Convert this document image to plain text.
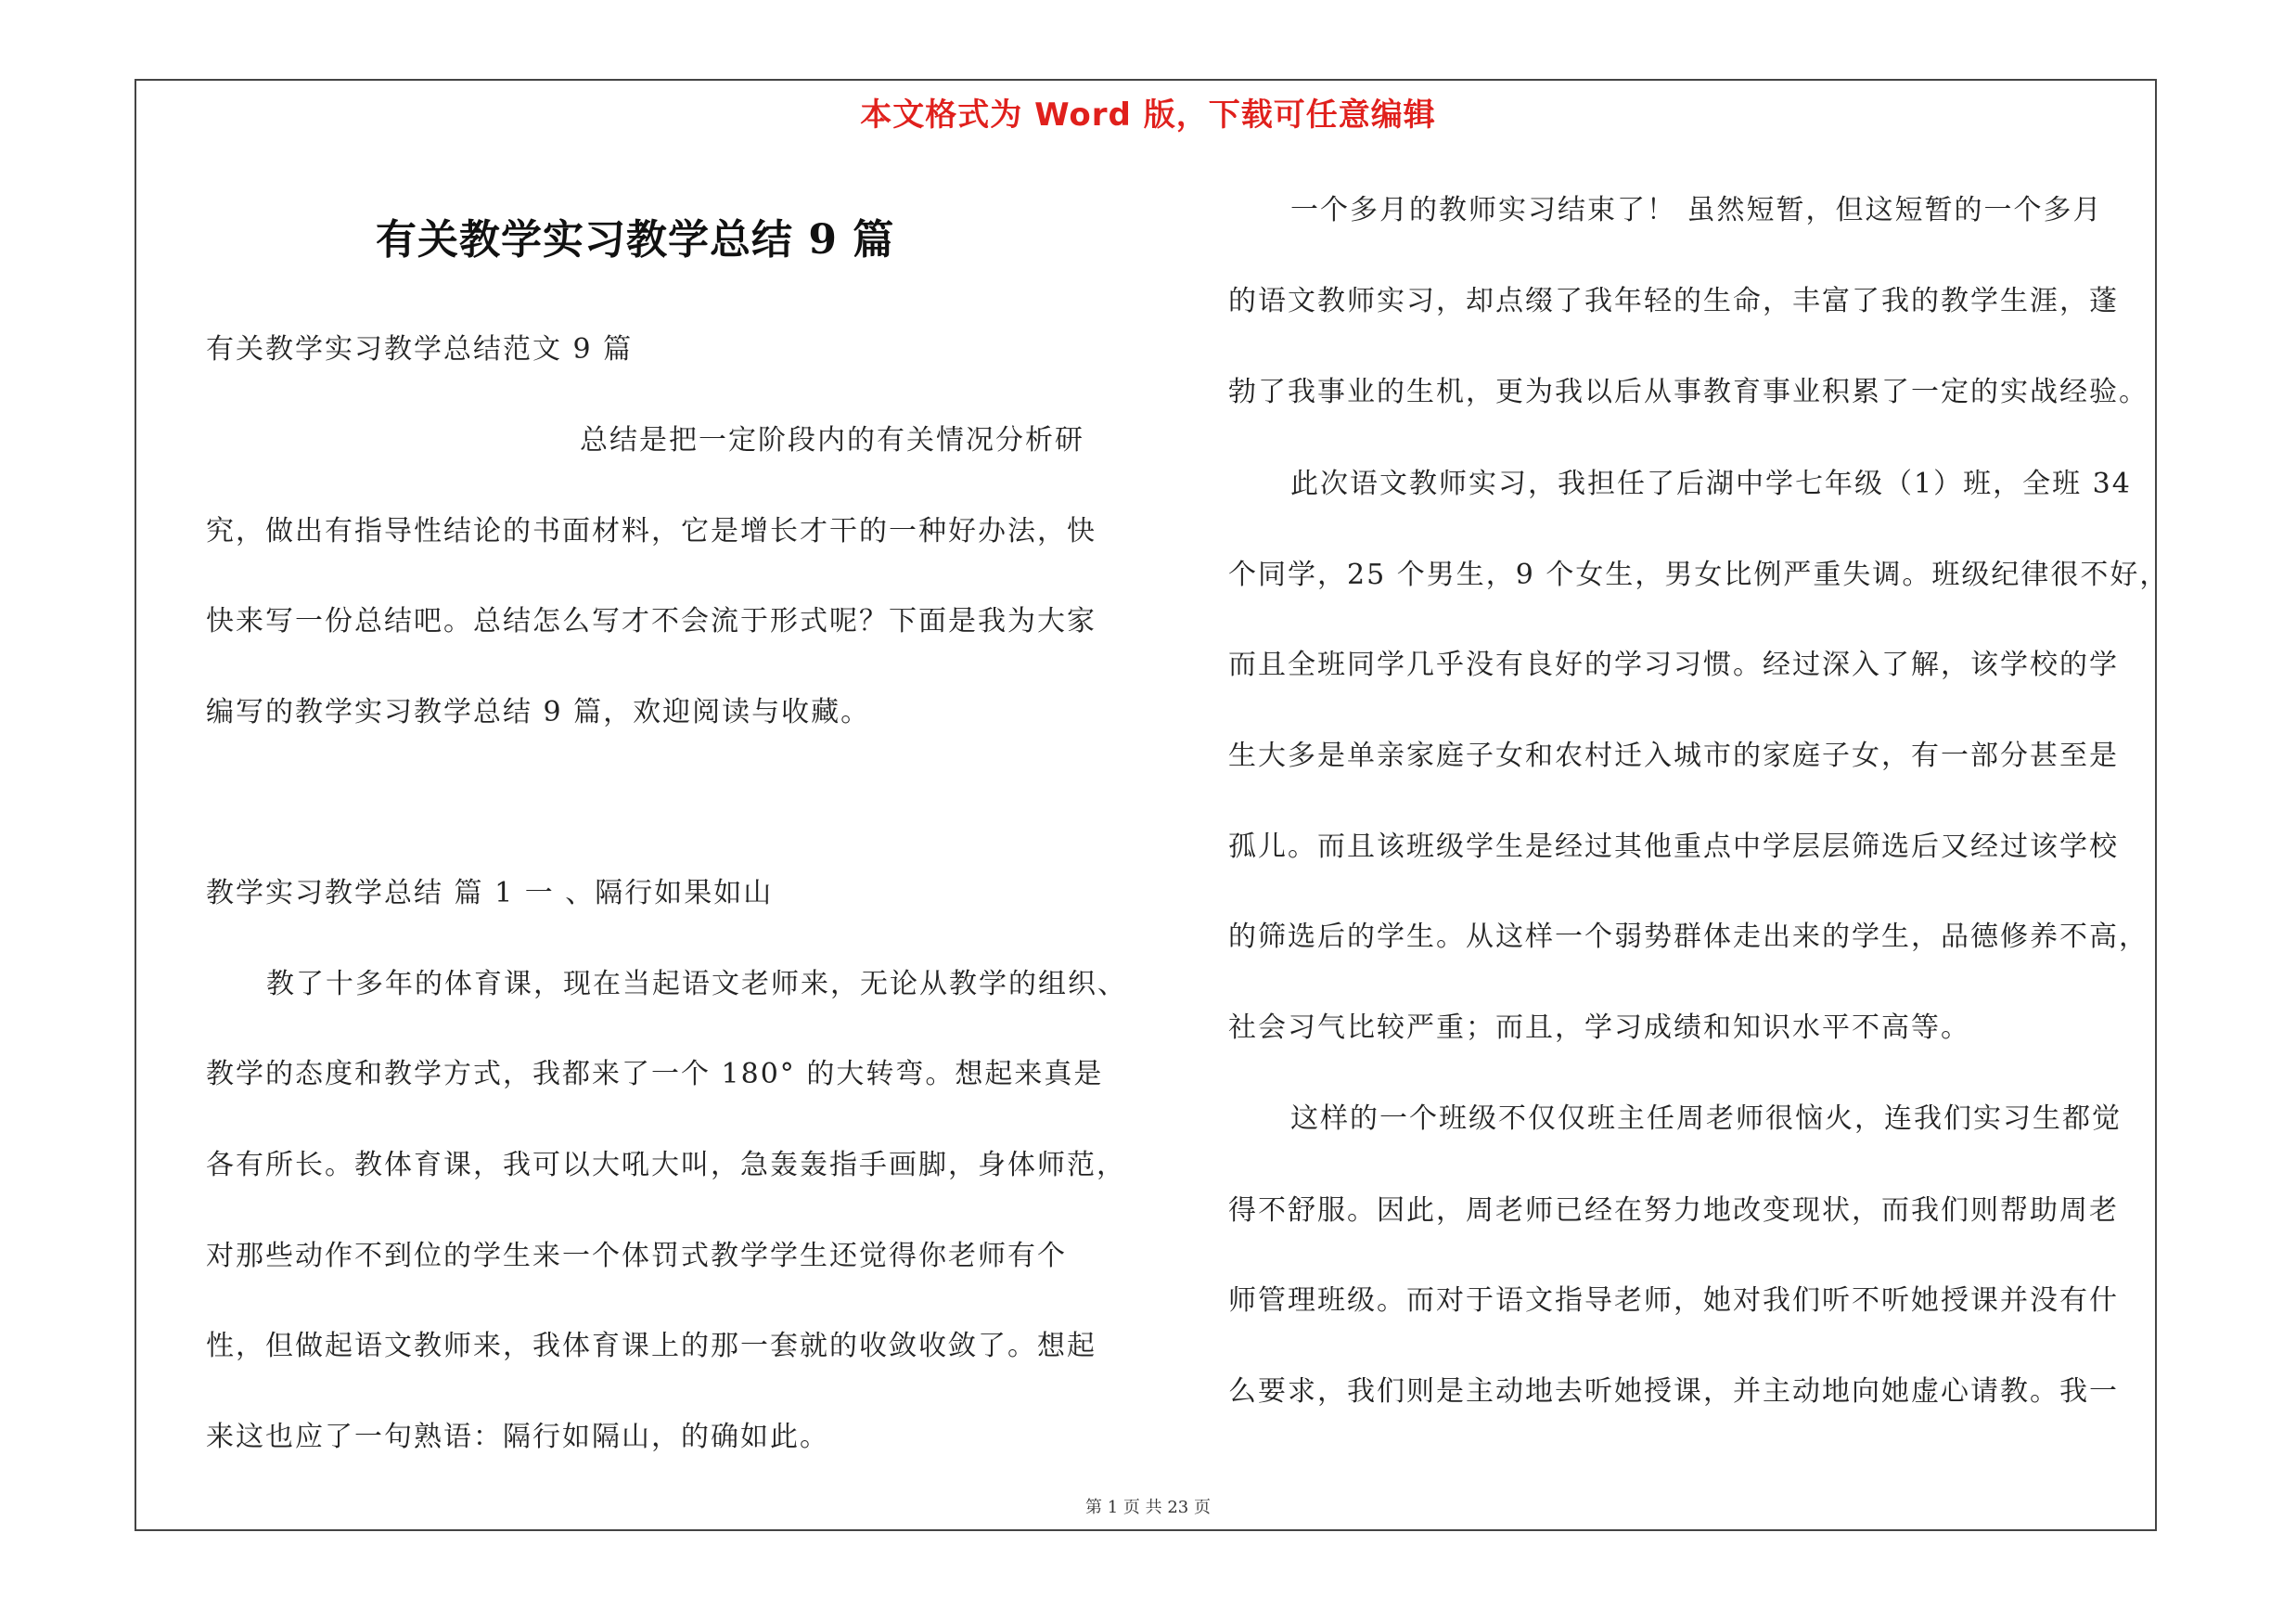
本文格式为 Word 版，下载可任意编辑
有关教学实习教学总结 9 篇
有关教学实习教学总结范文 9 篇
总结是把一定阶段内的有关情况分析研
究，做出有指导性结论的书面材料，它是增长才干的一种好办法，快
快来写一份总结吧。总结怎么写才不会流于形式呢？下面是我为大家
编写的教学实习教学总结 9 篇，欢迎阅读与收藏。
教学实习教学总结 篇 1 一 、隔行如果如山
教了十多年的体育课，现在当起语文老师来，无论从教学的组织、
教学的态度和教学方式，我都来了一个 180° 的大转弯。想起来真是
各有所长。教体育课，我可以大吼大叫，急轰轰指手画脚，身体师范，
对那些动作不到位的学生来一个体罚式教学学生还觉得你老师有个
性，但做起语文教师来，我体育课上的那一套就的收敛收敛了。想起
来这也应了一句熟语：隔行如隔山，的确如此。
一个多月的教师实习结束了！ 虽然短暂，但这短暂的一个多月
的语文教师实习，却点缀了我年轻的生命，丰富了我的教学生涯，蓬
勃了我事业的生机，更为我以后从事教育事业积累了一定的实战经验。
此次语文教师实习，我担任了后湖中学七年级（1）班，全班 34
个同学，25 个男生，9 个女生，男女比例严重失调。班级纪律很不好，
而且全班同学几乎没有良好的学习习惯。经过深入了解，该学校的学
生大多是单亲家庭子女和农村迁入城市的家庭子女，有一部分甚至是
孤儿。而且该班级学生是经过其他重点中学层层筛选后又经过该学校
的筛选后的学生。从这样一个弱势群体走出来的学生，品德修养不高，
社会习气比较严重；而且，学习成绩和知识水平不高等。
这样的一个班级不仅仅班主任周老师很恼火，连我们实习生都觉
得不舒服。因此，周老师已经在努力地改变现状，而我们则帮助周老
师管理班级。而对于语文指导老师，她对我们听不听她授课并没有什
么要求，我们则是主动地去听她授课，并主动地向她虚心请教。我一
第 1 页 共 23 页
